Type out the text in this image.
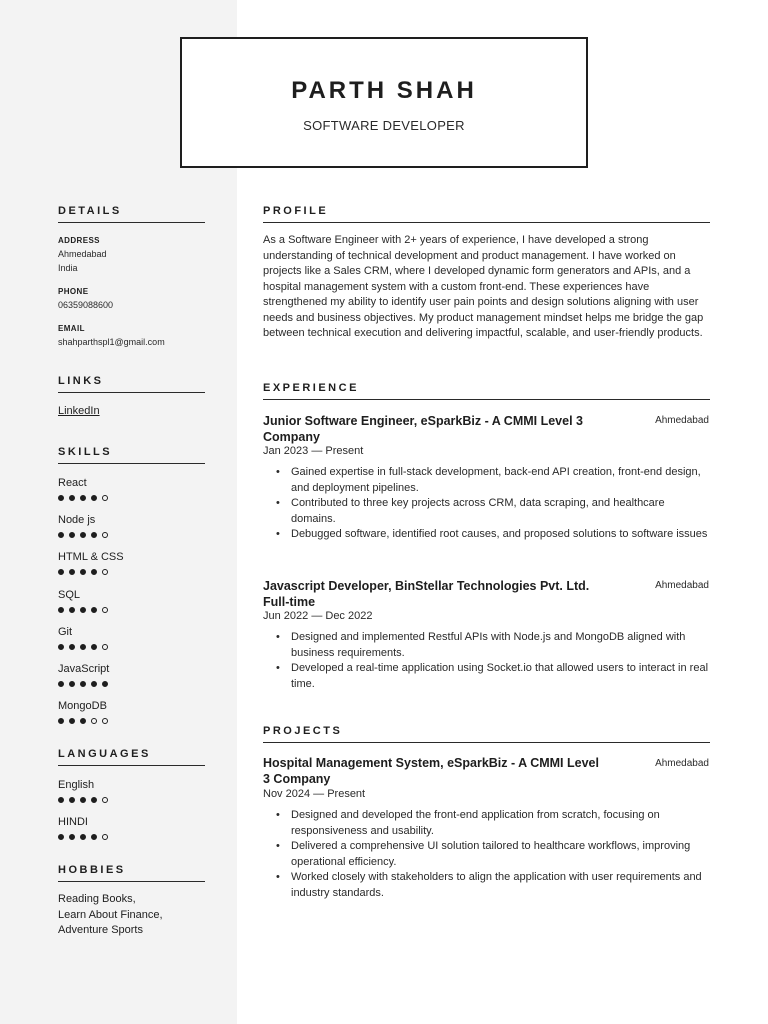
PARTH SHAH
SOFTWARE DEVELOPER
DETAILS
ADDRESS
Ahmedabad
India
PHONE
06359088600
EMAIL
shahparthspl1@gmail.com
LINKS
LinkedIn
SKILLS
React
Node js
HTML & CSS
SQL
Git
JavaScript
MongoDB
LANGUAGES
English
HINDI
HOBBIES
Reading Books,
Learn About Finance,
Adventure Sports
PROFILE
As a Software Engineer with 2+ years of experience, I have developed a strong understanding of technical development and product management. I have worked on projects like a Sales CRM, where I developed dynamic form generators and APIs, and a hospital management system with a custom front-end. These experiences have strengthened my ability to identify user pain points and design solutions aligning with user needs and business objectives. My product management mindset helps me bridge the gap between technical execution and delivering impactful, scalable, and user-friendly products.
EXPERIENCE
Junior Software Engineer, eSparkBiz - A CMMI Level 3 Company
Ahmedabad
Jan 2023 — Present
• Gained expertise in full-stack development, back-end API creation, front-end design, and deployment pipelines.
• Contributed to three key projects across CRM, data scraping, and healthcare domains.
• Debugged software, identified root causes, and proposed solutions to software issues
Javascript Developer, BinStellar Technologies Pvt. Ltd. Full-time
Ahmedabad
Jun 2022 — Dec 2022
• Designed and implemented Restful APIs with Node.js and MongoDB aligned with business requirements.
• Developed a real-time application using Socket.io that allowed users to interact in real time.
PROJECTS
Hospital Management System, eSparkBiz - A CMMI Level 3 Company
Ahmedabad
Nov 2024 — Present
• Designed and developed the front-end application from scratch, focusing on responsiveness and usability.
• Delivered a comprehensive UI solution tailored to healthcare workflows, improving operational efficiency.
• Worked closely with stakeholders to align the application with user requirements and industry standards.
